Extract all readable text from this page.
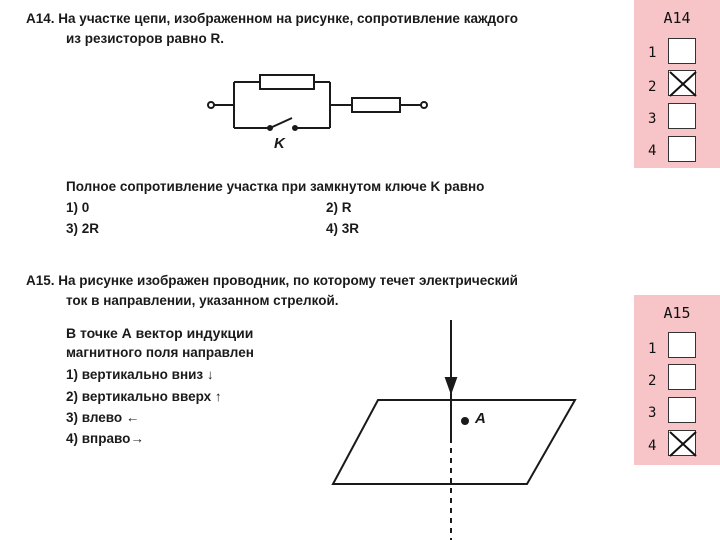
A14. На участке цепи, изображенном на рисунке, сопротивление каждого
из резисторов равно R.
K
Полное сопротивление участка при замкнутом ключе K равно
1) 0	2) R
3) 2R	4) 3R
A15. На рисунке изображен проводник, по которому течет электрический
ток в направлении, указанном стрелкой.
В точке А вектор индукции
магнитного поля направлен
1) вертикально вниз ↓
2) вертикально вверх ↑
3) влево ←
4) вправо→
A
A14
1
2
3
4
A15
1
2
3
4
